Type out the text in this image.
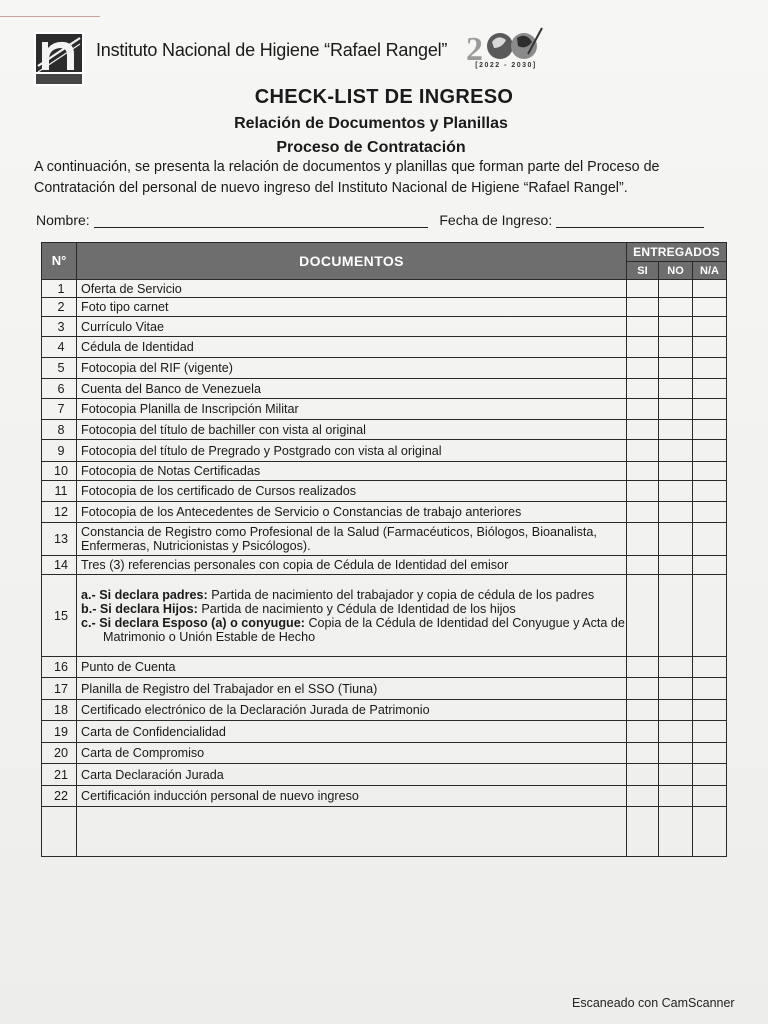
Instituto Nacional de Higiene “Rafael Rangel” 2
[2022 - 2030]
CHECK-LIST DE INGRESO
Relación de Documentos y Planillas
Proceso de Contratación
A continuación, se presenta la relación de documentos y planillas que forman parte del Proceso de Contratación del personal de nuevo ingreso del Instituto Nacional de Higiene “Rafael Rangel”.
Nombre:	Fecha de Ingreso:
N°	DOCUMENTOS	ENTREGADOS		
		SI	NO	N/A
1	Oferta de Servicio			
2	Foto tipo carnet			
3	Currículo Vitae			
4	Cédula de Identidad			
5	Fotocopia del RIF (vigente)			
6	Cuenta del Banco de Venezuela			
7	Fotocopia Planilla de Inscripción Militar			
8	Fotocopia del título de bachiller con vista al original			
9	Fotocopia del título de Pregrado y Postgrado con vista al original			
10	Fotocopia de Notas Certificadas			
11	Fotocopia de los certificado de Cursos realizados			
12	Fotocopia de los Antecedentes de Servicio o Constancias de trabajo anteriores			
13	Constancia de Registro como Profesional de la Salud (Farmacéuticos, Biólogos, Bioanalista, Enfermeras, Nutricionistas y Psicólogos).			
14	Tres (3) referencias personales con copia de Cédula de Identidad del emisor			
15	a.- Si declara padres: Partida de nacimiento del trabajador y copia de cédula de los padres
b.- Si declara Hijos: Partida de nacimiento y Cédula de Identidad de los hijos
c.- Si declara Esposo (a) o conyugue: Copia de la Cédula de Identidad del Conyugue y Acta de Matrimonio o Unión Estable de Hecho			

16	Punto de Cuenta			
17	Planilla de Registro del Trabajador en el SSO (Tiuna)			
18	Certificado electrónico de la Declaración Jurada de Patrimonio			
19	Carta de Confidencialidad			
20	Carta de Compromiso			
21	Carta Declaración Jurada			
22	Certificación inducción personal de nuevo ingreso			

Escaneado con CamScanner
